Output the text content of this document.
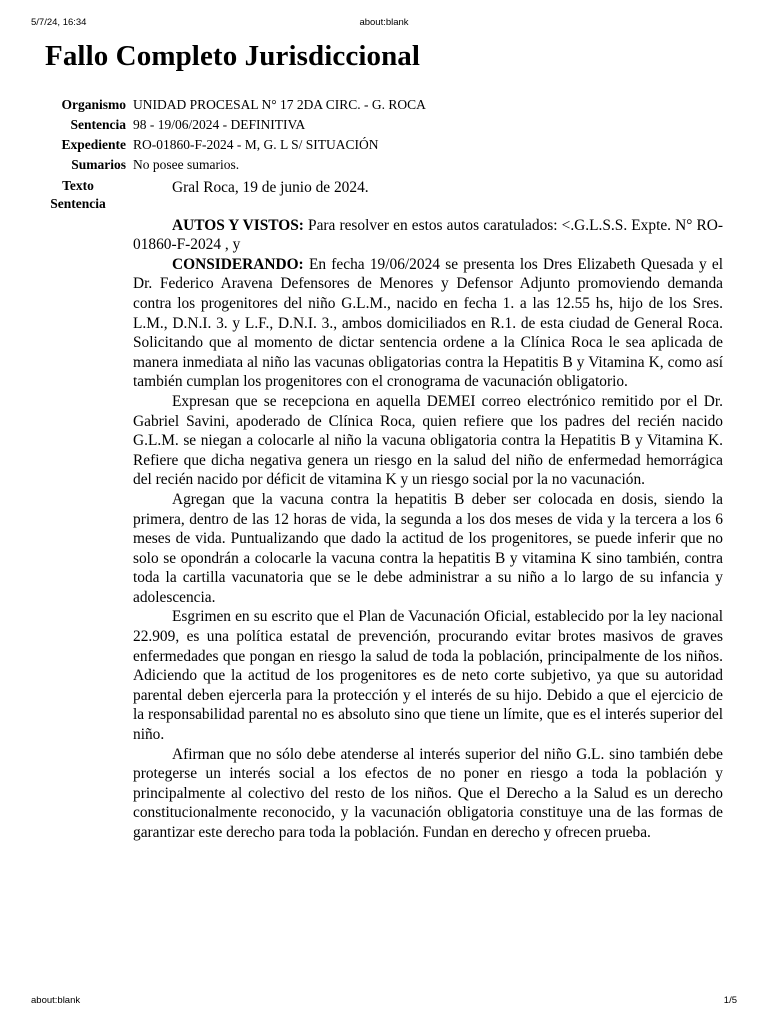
5/7/24, 16:34	about:blank
Fallo Completo Jurisdiccional
Organismo UNIDAD PROCESAL N° 17 2DA CIRC. - G. ROCA
Sentencia 98 - 19/06/2024 - DEFINITIVA
Expediente RO-01860-F-2024 - M, G. L S/ SITUACIÓN
Sumarios No posee sumarios.
Texto
Sentencia

Gral Roca, 19 de junio de 2024.

AUTOS Y VISTOS: Para resolver en estos autos caratulados: <.G.L.S.S. Expte. N° RO-01860-F-2024 , y

CONSIDERANDO: En fecha 19/06/2024 se presenta los Dres Elizabeth Quesada y el Dr. Federico Aravena Defensores de Menores y Defensor Adjunto promoviendo demanda contra los progenitores del niño G.L.M., nacido en fecha 1. a las 12.55 hs, hijo de los Sres. L.M., D.N.I. 3. y L.F., D.N.I. 3., ambos domiciliados en R.1. de esta ciudad de General Roca. Solicitando que al momento de dictar sentencia ordene a la Clínica Roca le sea aplicada de manera inmediata al niño las vacunas obligatorias contra la Hepatitis B y Vitamina K, como así también cumplan los progenitores con el cronograma de vacunación obligatorio.

Expresan que se recepciona en aquella DEMEI correo electrónico remitido por el Dr. Gabriel Savini, apoderado de Clínica Roca, quien refiere que los padres del recién nacido G.L.M. se niegan a colocarle al niño la vacuna obligatoria contra la Hepatitis B y Vitamina K. Refiere que dicha negativa genera un riesgo en la salud del niño de enfermedad hemorrágica del recién nacido por déficit de vitamina K y un riesgo social por la no vacunación.

Agregan que la vacuna contra la hepatitis B deber ser colocada en dosis, siendo la primera, dentro de las 12 horas de vida, la segunda a los dos meses de vida y la tercera a los 6 meses de vida. Puntualizando que dado la actitud de los progenitores, se puede inferir que no solo se opondrán a colocarle la vacuna contra la hepatitis B y vitamina K sino también, contra toda la cartilla vacunatoria que se le debe administrar a su niño a lo largo de su infancia y adolescencia.

Esgrimen en su escrito que el Plan de Vacunación Oficial, establecido por la ley nacional 22.909, es una política estatal de prevención, procurando evitar brotes masivos de graves enfermedades que pongan en riesgo la salud de toda la población, principalmente de los niños. Adiciendo que la actitud de los progenitores es de neto corte subjetivo, ya que su autoridad parental deben ejercerla para la protección y el interés de su hijo. Debido a que el ejercicio de la responsabilidad parental no es absoluto sino que tiene un límite, que es el interés superior del niño.

Afirman que no sólo debe atenderse al interés superior del niño G.L. sino también debe protegerse un interés social a los efectos de no poner en riesgo a toda la población y principalmente al colectivo del resto de los niños. Que el Derecho a la Salud es un derecho constitucionalmente reconocido, y la vacunación obligatoria constituye una de las formas de garantizar este derecho para toda la población. Fundan en derecho y ofrecen prueba.

about:blank	1/5
